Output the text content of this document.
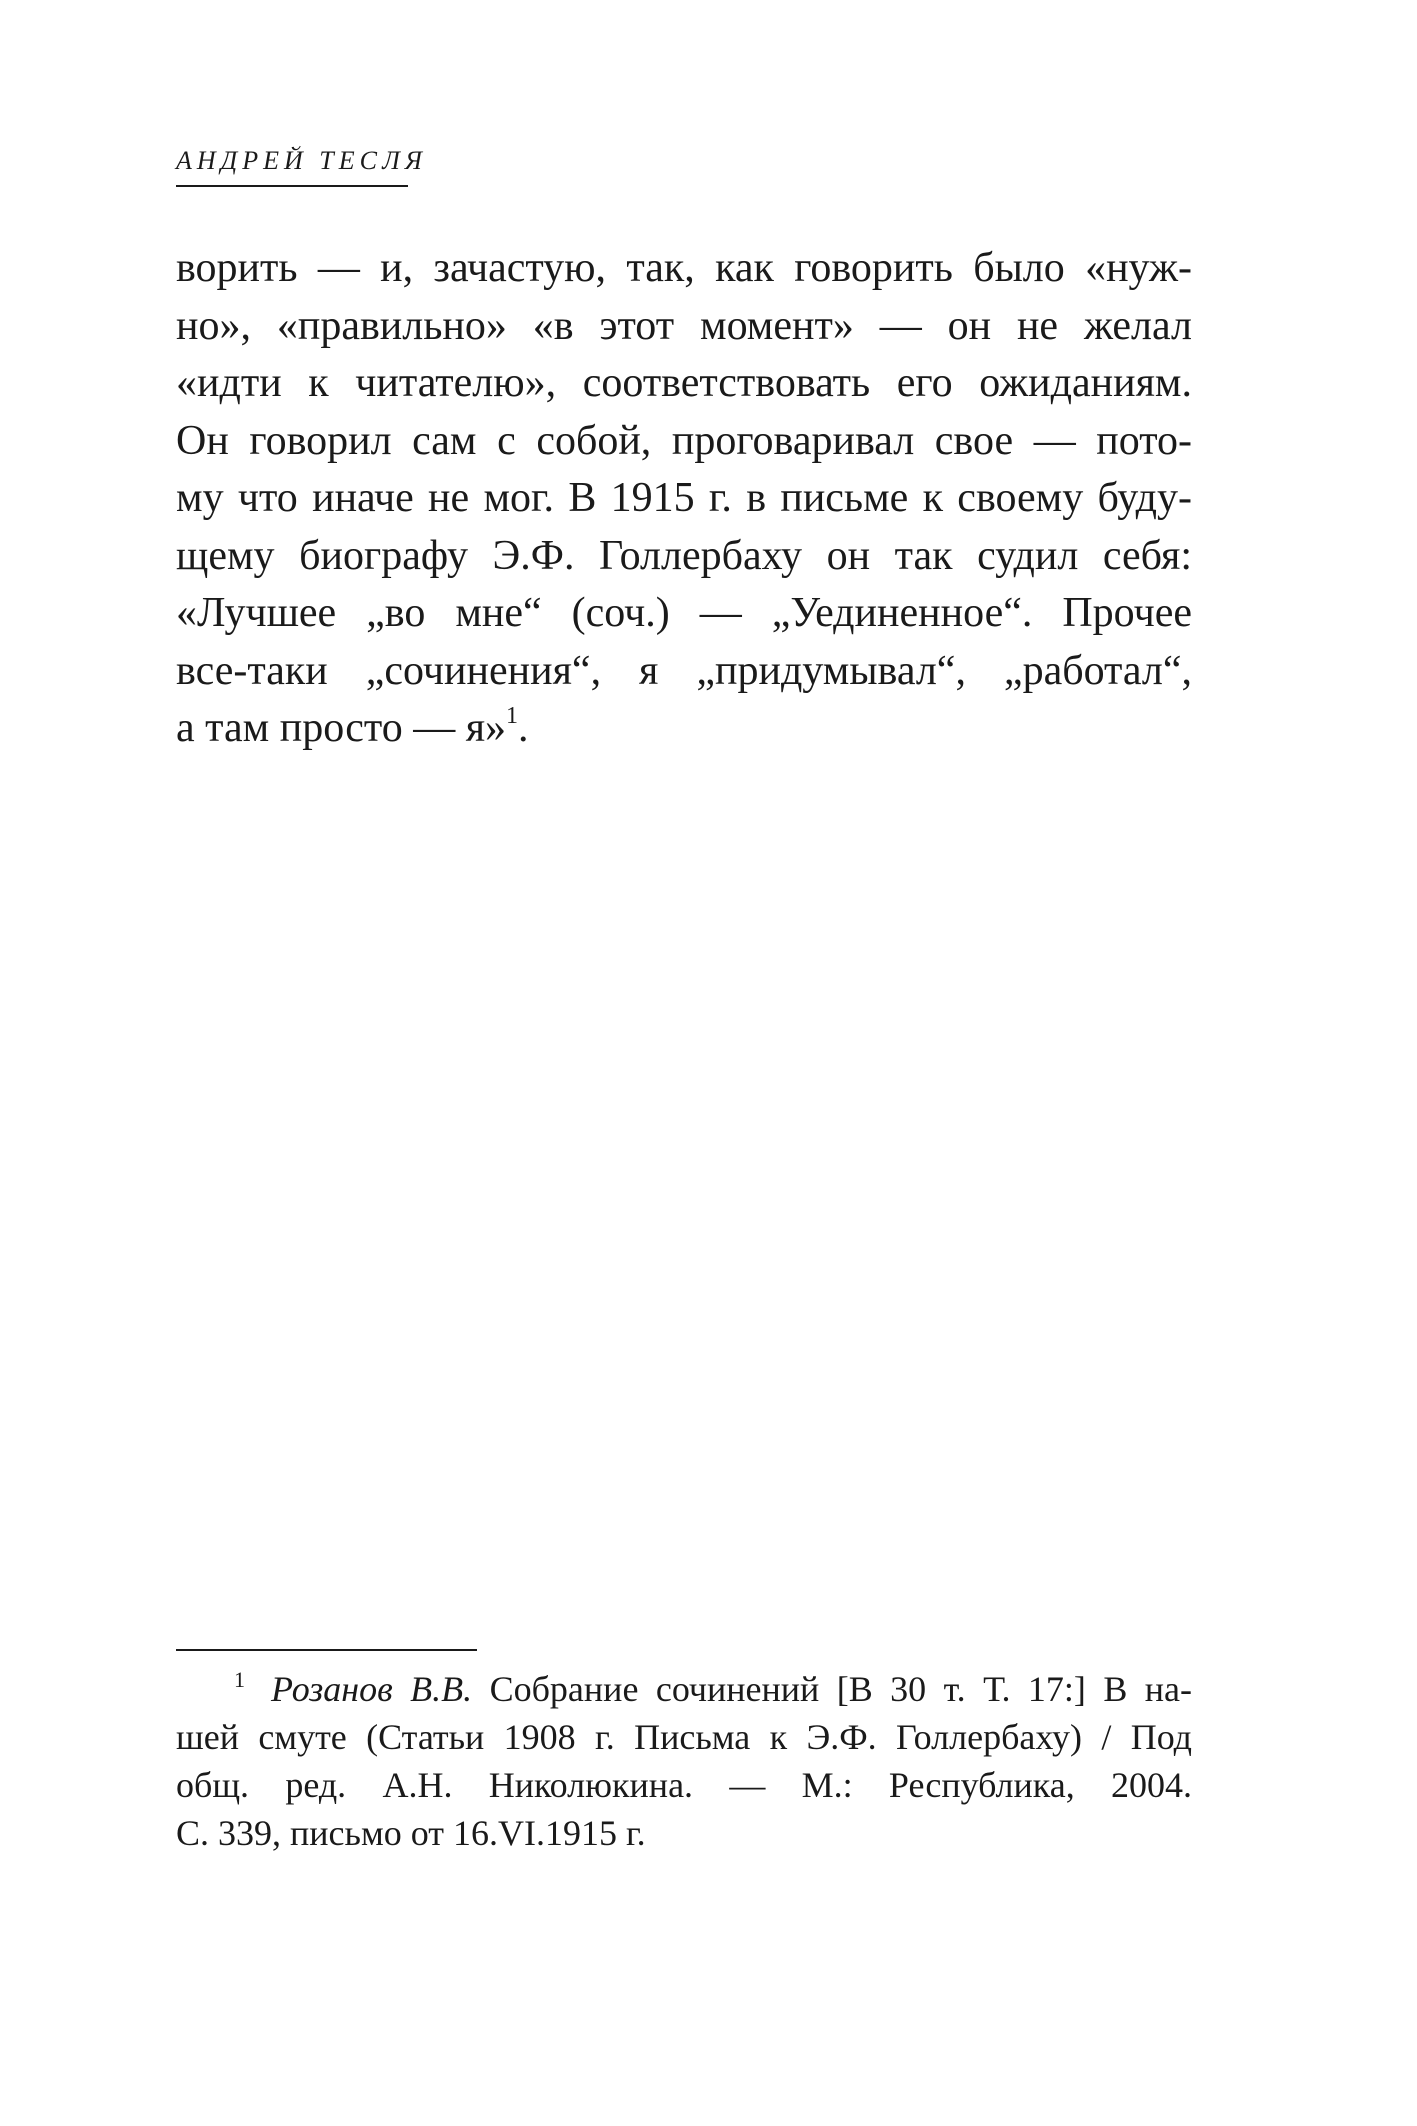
АНДРЕЙ ТЕСЛЯ
ворить — и, зачастую, так, как говорить было «нуж-
но», «правильно» «в этот момент» — он не желал
«идти к читателю», соответствовать его ожиданиям.
Он говорил сам с собой, проговаривал свое — пото-
му что иначе не мог. В 1915 г. в письме к своему буду-
щему биографу Э.Ф. Голлербаху он так судил себя:
«Лучшее „во мне“ (соч.) — „Уединенное“. Прочее
все-таки „сочинения“, я „придумывал“, „работал“,
а там просто — я»$^1$.
1 Розанов В.В. Собрание сочинений [В 30 т. Т. 17:] В на-
шей смуте (Статьи 1908 г. Письма к Э.Ф. Голлербаху) / Под
общ. ред. А.Н. Николюкина. — М.: Республика, 2004.
С. 339, письмо от 16.VI.1915 г.
